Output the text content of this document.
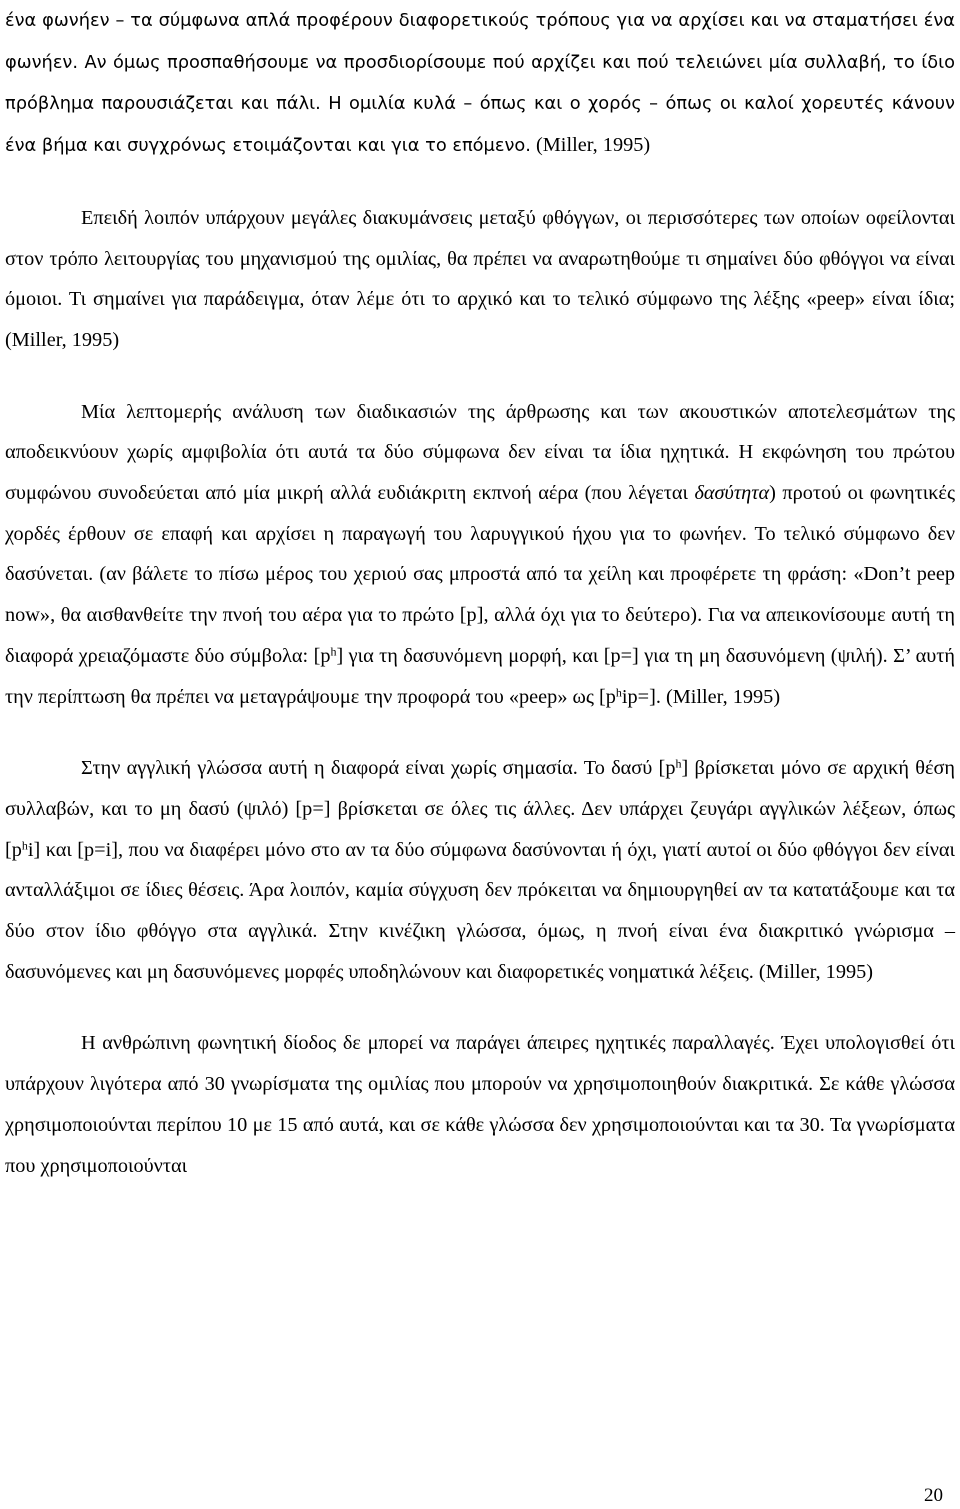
ένα φωνήεν – τα σύμφωνα απλά προφέρουν διαφορετικούς τρόπους για να αρχίσει και να σταματήσει ένα φωνήεν. Αν όμως προσπαθήσουμε να προσδιορίσουμε πού αρχίζει και πού τελειώνει μία συλλαβή, το ίδιο πρόβλημα παρουσιάζεται και πάλι. Η ομιλία κυλά – όπως και ο χορός – όπως οι καλοί χορευτές κάνουν ένα βήμα και συγχρόνως ετοιμάζονται και για το επόμενο. (Miller, 1995)

Επειδή λοιπόν υπάρχουν μεγάλες διακυμάνσεις μεταξύ φθόγγων, οι περισσότερες των οποίων οφείλονται στον τρόπο λειτουργίας του μηχανισμού της ομιλίας, θα πρέπει να αναρωτηθούμε τι σημαίνει δύο φθόγγοι να είναι όμοιοι. Τι σημαίνει για παράδειγμα, όταν λέμε ότι το αρχικό και το τελικό σύμφωνο της λέξης «peep» είναι ίδια; (Miller, 1995)

Μία λεπτομερής ανάλυση των διαδικασιών της άρθρωσης και των ακουστικών αποτελεσμάτων της αποδεικνύουν χωρίς αμφιβολία ότι αυτά τα δύο σύμφωνα δεν είναι τα ίδια ηχητικά. Η εκφώνηση του πρώτου συμφώνου συνοδεύεται από μία μικρή αλλά ευδιάκριτη εκπνοή αέρα (που λέγεται δασύτητα) προτού οι φωνητικές χορδές έρθουν σε επαφή και αρχίσει η παραγωγή του λαρυγγικού ήχου για το φωνήεν. Το τελικό σύμφωνο δεν δασύνεται. (αν βάλετε το πίσω μέρος του χεριού σας μπροστά από τα χείλη και προφέρετε τη φράση: «Don’t peep now», θα αισθανθείτε την πνοή του αέρα για το πρώτο [p], αλλά όχι για το δεύτερο). Για να απεικονίσουμε αυτή τη διαφορά χρειαζόμαστε δύο σύμβολα: $[p^h]$ για τη δασυνόμενη μορφή, και [p=] για τη μη δασυνόμενη (ψιλή). Σ’ αυτή την περίπτωση θα πρέπει να μεταγράψουμε την προφορά του «peep» ως $[p^hip=]$. (Miller, 1995)

Στην αγγλική γλώσσα αυτή η διαφορά είναι χωρίς σημασία. Το δασύ $[p^h]$ βρίσκεται μόνο σε αρχική θέση συλλαβών, και το μη δασύ (ψιλό) [p=] βρίσκεται σε όλες τις άλλες. Δεν υπάρχει ζευγάρι αγγλικών λέξεων, όπως $[p^hi]$ και [p=i], που να διαφέρει μόνο στο αν τα δύο σύμφωνα δασύνονται ή όχι, γιατί αυτοί οι δύο φθόγγοι δεν είναι ανταλλάξιμοι σε ίδιες θέσεις. Άρα λοιπόν, καμία σύγχυση δεν πρόκειται να δημιουργηθεί αν τα κατατάξουμε και τα δύο στον ίδιο φθόγγο στα αγγλικά. Στην κινέζικη γλώσσα, όμως, η πνοή είναι ένα διακριτικό γνώρισμα – δασυνόμενες και μη δασυνόμενες μορφές υποδηλώνουν και διαφορετικές νοηματικά λέξεις. (Miller, 1995)

Η ανθρώπινη φωνητική δίοδος δε μπορεί να παράγει άπειρες ηχητικές παραλλαγές. Έχει υπολογισθεί ότι υπάρχουν λιγότερα από 30 γνωρίσματα της ομιλίας που μπορούν να χρησιμοποιηθούν διακριτικά. Σε κάθε γλώσσα χρησιμοποιούνται περίπου 10 με 15 από αυτά, και σε κάθε γλώσσα δεν χρησιμοποιούνται και τα 30. Τα γνωρίσματα που χρησιμοποιούνται

20
